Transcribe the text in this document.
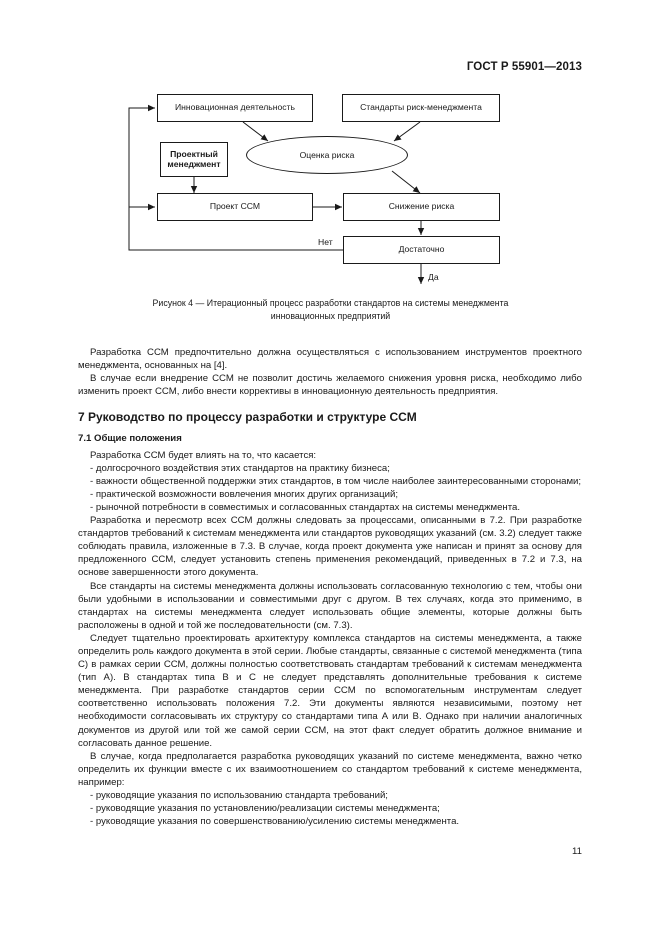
ГОСТ Р 55901—2013
Инновационная деятельность	Стандарты риск-менеджмента
Проектный менеджмент
Оценка риска
Проект ССМ	Снижение риска
Достаточно
Нет
Да
Рисунок 4 — Итерационный процесс разработки стандартов на системы менеджмента
инновационных предприятий

Разработка ССМ предпочтительно должна осуществляться с использованием инструментов проектного менеджмента, основанных на [4].

В случае если внедрение ССМ не позволит достичь желаемого снижения уровня риска, необходимо либо изменить проект ССМ, либо внести коррективы в инновационную деятельность предприятия.

7 Руководство по процессу разработки и структуре ССМ
7.1 Общие положения

Разработка ССМ будет влиять на то, что касается:

- долгосрочного воздействия этих стандартов на практику бизнеса;

- важности общественной поддержки этих стандартов, в том числе наиболее заинтересованными сторонами;

- практической возможности вовлечения многих других организаций;

- рыночной потребности в совместимых и согласованных стандартах на системы менеджмента.

Разработка и пересмотр всех ССМ должны следовать за процессами, описанными в 7.2. При разработке стандартов требований к системам менеджмента или стандартов руководящих указаний (см. 3.2) следует также соблюдать правила, изложенные в 7.3. В случае, когда проект документа уже написан и принят за основу для предложенного ССМ, следует установить степень применения рекомендаций, приведенных в 7.2 и 7.3, на основе завершенности этого документа.

Все стандарты на системы менеджмента должны использовать согласованную технологию с тем, чтобы они были удобными в использовании и совместимыми друг с другом. В тех случаях, когда это применимо, в стандартах на системы менеджмента следует использовать общие элементы, которые должны быть расположены в одной и той же последовательности (см. 7.3).

Следует тщательно проектировать архитектуру комплекса стандартов на системы менеджмента, а также определить роль каждого документа в этой серии. Любые стандарты, связанные с системой менеджмента (типа С) в рамках серии ССМ, должны полностью соответствовать стандартам требований к системам менеджмента (тип А). В стандартах типа В и С не следует представлять дополнительные требования к системе менеджмента. При разработке стандартов серии ССМ по вспомогательным инструментам следует соответственно использовать положения 7.2. Эти документы являются независимыми, поэтому нет необходимости согласовывать их структуру со стандартами типа А или В. Однако при наличии аналогичных документов из другой или той же самой серии ССМ, на этот факт следует обратить должное внимание и согласовать данное решение.

В случае, когда предполагается разработка руководящих указаний по системе менеджмента, важно четко определить их функции вместе с их взаимоотношением со стандартом требований к системе менеджмента, например:

- руководящие указания по использованию стандарта требований;

- руководящие указания по установлению/реализации системы менеджмента;

- руководящие указания по совершенствованию/усилению системы менеджмента.

11
